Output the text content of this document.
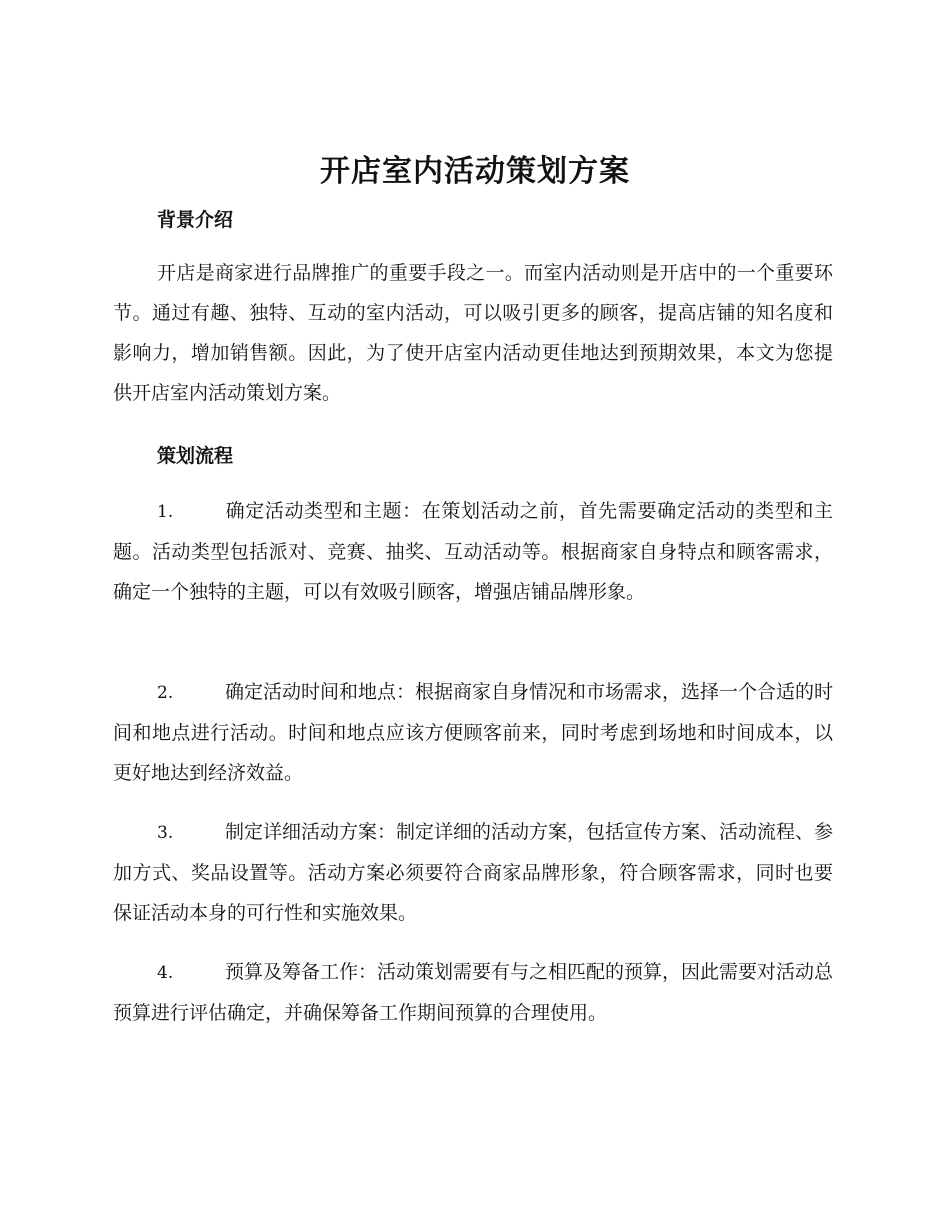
开店室内活动策划方案
背景介绍

开店是商家进行品牌推广的重要手段之一。而室内活动则是开店中的一个重要环节。通过有趣、独特、互动的室内活动，可以吸引更多的顾客，提高店铺的知名度和影响力，增加销售额。因此，为了使开店室内活动更佳地达到预期效果，本文为您提供开店室内活动策划方案。

策划流程

1.	确定活动类型和主题：在策划活动之前，首先需要确定活动的类型和主题。活动类型包括派对、竞赛、抽奖、互动活动等。根据商家自身特点和顾客需求，确定一个独特的主题，可以有效吸引顾客，增强店铺品牌形象。

2.	确定活动时间和地点：根据商家自身情况和市场需求，选择一个合适的时间和地点进行活动。时间和地点应该方便顾客前来，同时考虑到场地和时间成本，以更好地达到经济效益。

3.	制定详细活动方案：制定详细的活动方案，包括宣传方案、活动流程、参加方式、奖品设置等。活动方案必须要符合商家品牌形象，符合顾客需求，同时也要保证活动本身的可行性和实施效果。

4.	预算及筹备工作：活动策划需要有与之相匹配的预算，因此需要对活动总预算进行评估确定，并确保筹备工作期间预算的合理使用。
